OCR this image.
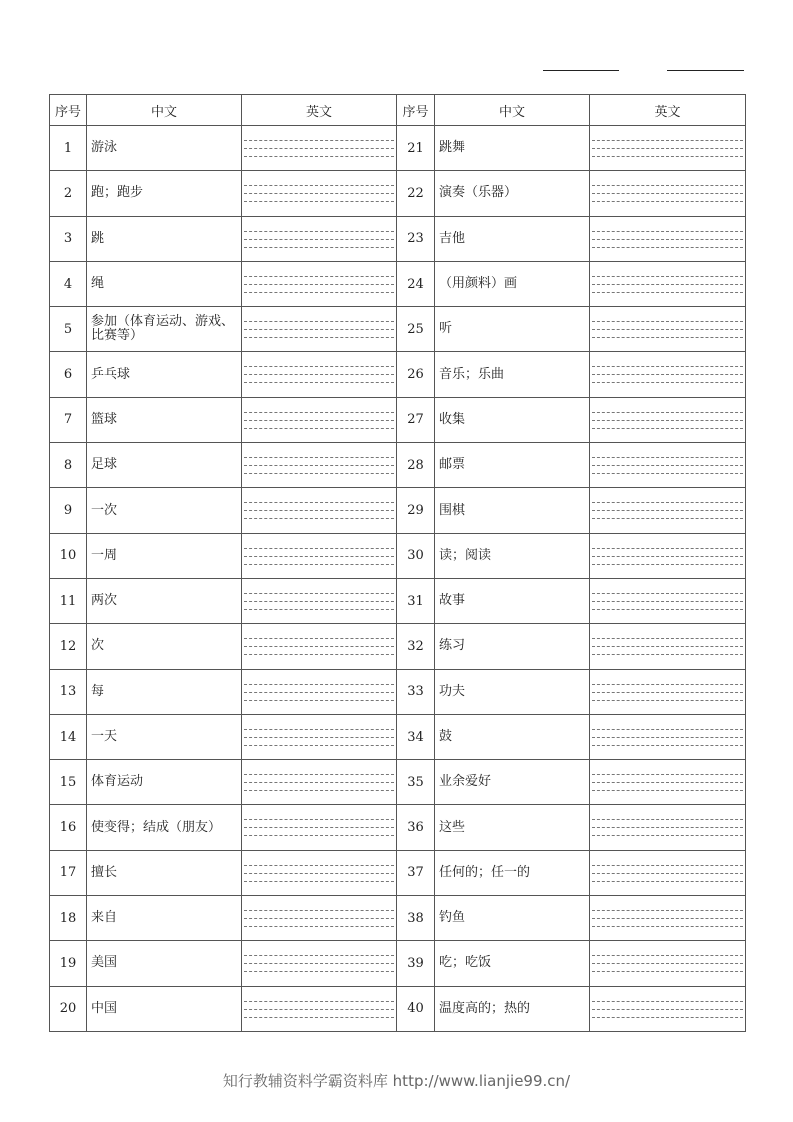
序号	中文	英文	序号	中文	英文
1	游泳		21	跳舞	

2	跑；跑步		22	演奏（乐器）	

3	跳		23	吉他	

4	绳		24	（用颜料）画	

5	参加（体育运动、游戏、比赛等）		25	听	

6	乒乓球		26	音乐；乐曲	

7	篮球		27	收集	

8	足球		28	邮票	

9	一次		29	围棋	

10	一周		30	读；阅读	

11	两次		31	故事	

12	次		32	练习	

13	每		33	功夫	

14	一天		34	鼓	

15	体育运动		35	业余爱好	

16	使变得；结成（朋友）		36	这些	

17	擅长		37	任何的；任一的	

18	来自		38	钓鱼	

19	美国		39	吃；吃饭	

20	中国		40	温度高的；热的	
知行教辅资料学霸资料库 http://www.lianjie99.cn/
